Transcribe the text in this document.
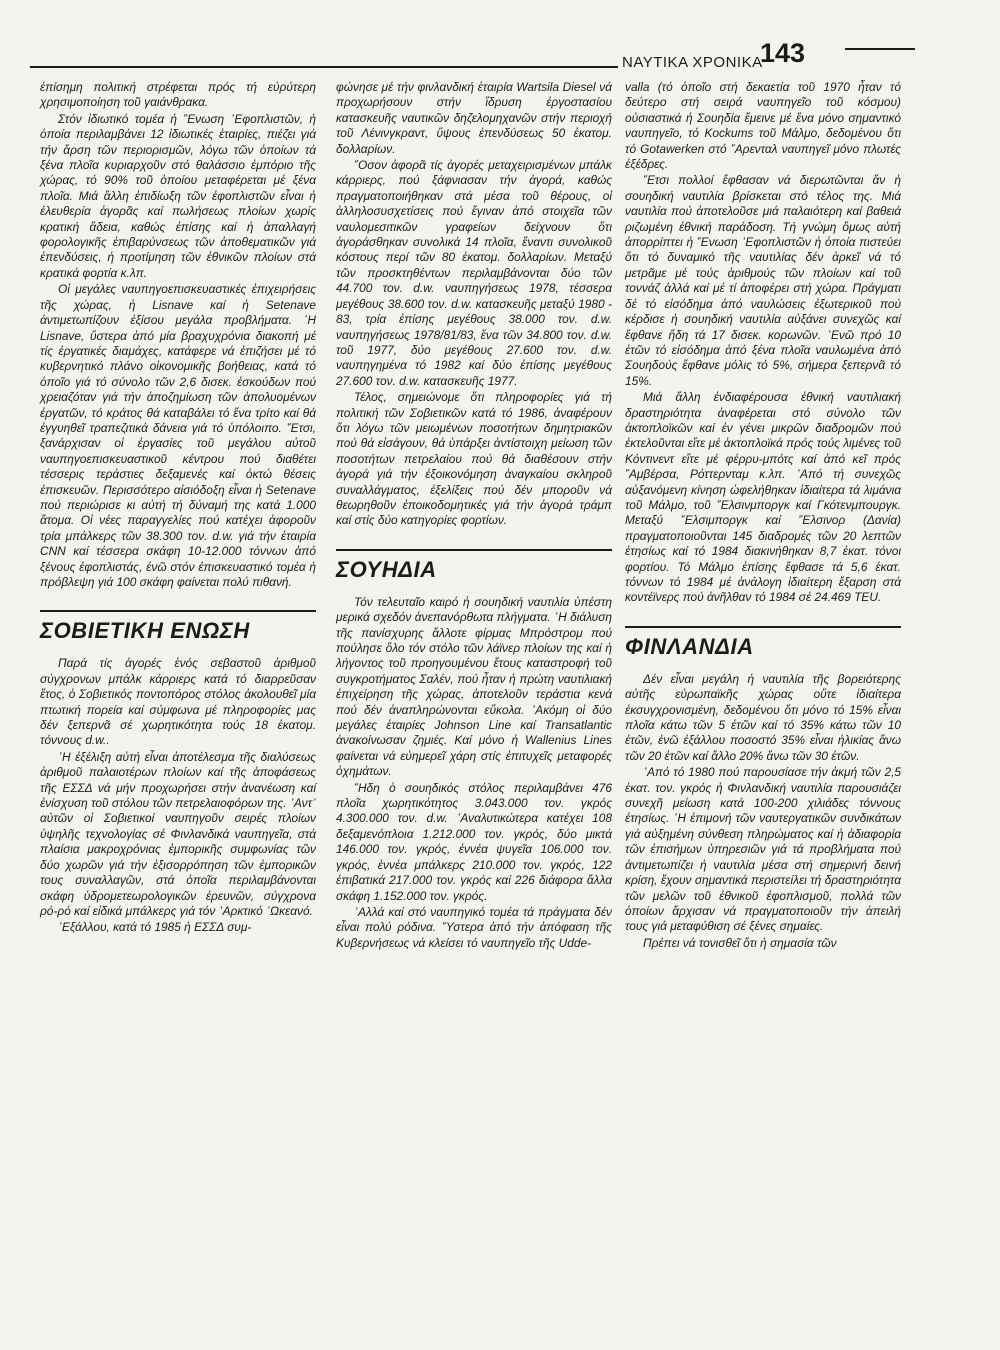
ΝΑΥΤΙΚΑ ΧΡΟΝΙΚΑ
143

ἐπίσημη πολιτική στρέφεται πρός τή εὐρύτερη χρησιμοποίηση τοῦ γαιάνθρακα.

Στόν ἰδιωτικό τομέα ἡ ῞Ενωση ᾿Εφοπλιστῶν, ἡ ὁποία περιλαμβάνει 12 ἰδιωτικές ἑταιρίες, πιέζει γιά τήν ἄρση τῶν περιορισμῶν, λόγω τῶν ὁποίων τά ξένα πλοῖα κυριαρχοῦν στό θαλάσσιο ἐμπόριο τῆς χώρας, τό 90% τοῦ ὁποίου μεταφέρεται μέ ξένα πλοῖα. Μιά ἄλλη ἐπιδίωξη τῶν ἐφοπλιστῶν εἶναι ἡ ἐλευθερία ἀγορᾶς καί πωλήσεως πλοίων χωρίς κρατική ἄδεια, καθώς ἐπίσης καί ἡ ἀπαλλαγή φορολογικῆς ἐπιβαρύνσεως τῶν ἀποθεματικῶν γιά ἐπενδύσεις, ἡ προτίμηση τῶν ἐθνικῶν πλοίων στά κρατικά φορτία κ.λπ.

Οἱ μεγάλες ναυπηγοεπισκευαστικές ἐπιχειρήσεις τῆς χώρας, ἡ Lisnave καί ἡ Setenave ἀντιμετωπίζουν ἐξίσου μεγάλα προβλήματα. ῾Η Lisnave, ὕστερα ἀπό μία βραχυχρόνια διακοπή μέ τίς ἐργατικές διαμάχες, κατάφερε νά ἐπιζήσει μέ τό κυβερνητικό πλάνο οἰκονομικῆς βοήθειας, κατά τό ὁποῖο γιά τό σύνολο τῶν 2,6 δισεκ. ἐσκούδων πού χρειαζόταν γιά τήν ἀποζημίωση τῶν ἀπολυομένων ἐργατῶν, τό κράτος θά καταβάλει τό ἕνα τρίτο καί θά ἐγγυηθεῖ τραπεζιτικά δάνεια γιά τό ὑπόλοιπο. ῎Ετσι, ξανάρχισαν οἱ ἐργασίες τοῦ μεγάλου αὐτοῦ ναυπηγοεπισκευαστικοῦ κέντρου πού διαθέτει τέσσερις τεράστιες δεξαμενές καί ὀκτώ θέσεις ἐπισκευῶν. Περισσότερο αἰσιόδοξη εἶναι ἡ Setenave πού περιώρισε κι αὐτή τή δύναμή της κατά 1.000 ἄτομα. Οἱ νέες παραγγελίες πού κατέχει ἀφοροῦν τρία μπάλκερς τῶν 38.300 τον. d.w. γιά τήν ἑταιρία CNN καί τέσσερα σκάφη 10-12.000 τόννων ἀπό ξένους ἐφοπλιστάς, ἐνῶ στόν ἐπισκευαστικό τομέα ἡ πρόβλεψη γιά 100 σκάφη φαίνεται πολύ πιθανή.

ΣΟΒΙΕΤΙΚΗ ΕΝΩΣΗ

Παρά τίς ἀγορές ἑνός σεβαστοῦ ἀριθμοῦ σύγχρονων μπάλκ κάρριερς κατά τό διαρρεῦσαν ἔτος, ὁ Σοβιετικός ποντοπόρος στόλος ἀκολουθεῖ μία πτωτική πορεία καί σύμφωνα μέ πληροφορίες μας δέν ξεπερνᾶ σέ χωρητικότητα τούς 18 ἑκατομ. τόννους d.w..

῾Η ἐξέλιξη αὐτή εἶναι ἀποτέλεσμα τῆς διαλύσεως ἀριθμοῦ παλαιοτέρων πλοίων καί τῆς ἀποφάσεως τῆς ΕΣΣΔ νά μήν προχωρήσει στήν ἀνανέωση καί ἐνίσχυση τοῦ στόλου τῶν πετρελαιοφόρων της. ᾿Αντ᾿ αὐτῶν οἱ Σοβιετικοί ναυπηγοῦν σειρές πλοίων ὑψηλῆς τεχνολογίας σέ Φινλανδικά ναυπηγεῖα, στά πλαίσια μακροχρόνιας ἐμπορικῆς συμφωνίας τῶν δύο χωρῶν γιά τήν ἐξισορρόπηση τῶν ἐμπορικῶν τους συναλλαγῶν, στά ὁποῖα περιλαμβάνονται σκάφη ὑδρομετεωρολογικῶν ἐρευνῶν, σύγχρονα ρό-ρό καί εἰδικά μπάλκερς γιά τόν ᾿Αρκτικό ᾿Ωκεανό.

᾿Εξάλλου, κατά τό 1985 ἡ ΕΣΣΔ συμ-

φώνησε μέ τήν φινλανδική ἑταιρία Wartsila Diesel νά προχωρήσουν στήν ἵδρυση ἐργοστασίου κατασκευῆς ναυτικῶν δηζελομηχανῶν στήν περιοχή τοῦ Λένινγκραντ, ὕψους ἐπενδύσεως 50 ἑκατομ. δολλαρίων.

῞Οσον ἀφορᾶ τίς ἀγορές μεταχειρισμένων μπάλκ κάρριερς, πού ξάφνιασαν τήν ἀγορά, καθώς πραγματοποιήθηκαν στά μέσα τοῦ θέρους, οἱ ἀλληλοσυσχετίσεις πού ἔγιναν ἀπό στοιχεῖα τῶν ναυλομεσιτικῶν γραφείων δείχνουν ὅτι ἀγοράσθηκαν συνολικά 14 πλοῖα, ἔναντι συνολικοῦ κόστους περί τῶν 80 ἑκατομ. δολλαρίων. Μεταξύ τῶν προσκτηθέντων περιλαμβάνονται δύο τῶν 44.700 τον. d.w. ναυπηγήσεως 1978, τέσσερα μεγέθους 38.600 τον. d.w. κατασκευῆς μεταξύ 1980 - 83, τρία ἐπίσης μεγέθους 38.000 τον. d.w. ναυπηγήσεως 1978/81/83, ἕνα τῶν 34.800 τον. d.w. τοῦ 1977, δύο μεγέθους 27.600 τον. d.w. ναυπηγημένα τό 1982 καί δύο ἐπίσης μεγέθους 27.600 τον. d.w. κατασκευῆς 1977.

Τέλος, σημειώνομε ὅτι πληροφορίες γιά τή πολιτική τῶν Σοβιετικῶν κατά τό 1986, ἀναφέρουν ὅτι λόγω τῶν μειωμένων ποσοτήτων δημητριακῶν πού θά εἰσάγουν, θά ὑπάρξει ἀντίστοιχη μείωση τῶν ποσοτήτων πετρελαίου πού θά διαθέσουν στήν ἀγορά γιά τήν ἐξοικονόμηση ἀναγκαίου σκληροῦ συναλλάγματος, ἐξελίξεις πού δέν μποροῦν νά θεωρηθοῦν ἐποικοδομητικές γιά τήν ἀγορά τράμπ καί στίς δύο κατηγορίες φορτίων.

ΣΟΥΗΔΙΑ

Τόν τελευταῖο καιρό ἡ σουηδική ναυτιλία ὑπέστη μερικά σχεδόν ἀνεπανόρθωτα πλήγματα. ῾Η διάλυση τῆς πανίσχυρης ἄλλοτε φίρμας Μπρόστρομ πού πούλησε ὅλο τόν στόλο τῶν λάϊνερ πλοίων της καί ἡ λήγοντος τοῦ προηγουμένου ἔτους καταστροφή τοῦ συγκροτήματος Σαλέν, πού ἦταν ἡ πρώτη ναυτιλιακή ἐπιχείρηση τῆς χώρας, ἀποτελοῦν τεράστια κενά πού δέν ἀναπληρώνονται εὔκολα. ᾿Ακόμη οἱ δύο μεγάλες ἑταιρίες Johnson Line καί Transatlantic ἀνακοίνωσαν ζημιές. Καί μόνο ἡ Wallenius Lines φαίνεται νά εὐημερεῖ χάρη στίς ἐπιτυχεῖς μεταφορές ὀχημάτων.

῎Ηδη ὁ σουηδικός στόλος περιλαμβάνει 476 πλοῖα χωρητικότητος 3.043.000 τον. γκρός 4.300.000 τον. d.w. ᾿Αναλυτικώτερα κατέχει 108 δεξαμενόπλοια 1.212.000 τον. γκρός, δύο μικτά 146.000 τον. γκρός, ἐννέα ψυγεῖα 106.000 τον. γκρός, ἐννέα μπάλκερς 210.000 τον. γκρός, 122 ἐπιβατικά 217.000 τον. γκρός καί 226 διάφορα ἄλλα σκάφη 1.152.000 τον. γκρός.

᾿Αλλά καί στό ναυπηγικό τομέα τά πράγματα δέν εἶναι πολύ ρόδινα. ῞Υστερα ἀπό τήν ἀπόφαση τῆς Κυβερνήσεως νά κλείσει τό ναυπηγεῖο τῆς Udde-

valla (τό ὁποῖο στή δεκαετία τοῦ 1970 ἦταν τό δεύτερο στή σειρά ναυπηγεῖο τοῦ κόσμου) οὐσιαστικά ἡ Σουηδία ἔμεινε μέ ἕνα μόνο σημαντικό ναυπηγεῖο, τό Kockums τοῦ Μάλμο, δεδομένου ὅτι τό Gotawerken στό ῎Αρενταλ ναυπηγεῖ μόνο πλωτές ἐξέδρες.

῎Ετσι πολλοί ἔφθασαν νά διερωτῶνται ἄν ἡ σουηδική ναυτιλία βρίσκεται στό τέλος της. Μιά ναυτιλία πού ἀποτελοῦσε μιά παλαιότερη καί βαθειά ριζωμένη ἐθνική παράδοση. Τή γνώμη ὅμως αὐτή ἀπορρίπτει ἡ ῞Ενωση ᾿Εφοπλιστῶν ἡ ὁποία πιστεύει ὅτι τό δυναμικό τῆς ναυτιλίας δέν ἀρκεῖ νά τό μετρᾶμε μέ τούς ἀριθμούς τῶν πλοίων καί τοῦ τοννάζ ἀλλά καί μέ τί ἀποφέρει στή χώρα. Πράγματι δέ τό εἰσόδημα ἀπό ναυλώσεις ἐξωτερικοῦ πού κέρδισε ἡ σουηδική ναυτιλία αὐξάνει συνεχῶς καί ἔφθανε ἤδη τά 17 δισεκ. κορωνῶν. ᾿Ενῶ πρό 10 ἐτῶν τό εἰσόδημα ἀπό ξένα πλοῖα ναυλωμένα ἀπό Σουηδούς ἔφθανε μόλις τό 5%, σήμερα ξεπερνᾶ τό 15%.

Μιά ἄλλη ἐνδιαφέρουσα ἐθνική ναυτιλιακή δραστηριότητα ἀναφέρεται στό σύνολο τῶν ἀκτοπλοϊκῶν καί ἐν γένει μικρῶν διαδρομῶν πού ἐκτελοῦνται εἴτε μέ ἀκτοπλοϊκά πρός τούς λιμένες τοῦ Κόντινεντ εἴτε μέ φέρρυ-μπότς καί ἀπό κεῖ πρός ῎Αμβέρσα, Ρόττερνταμ κ.λπ. ᾿Από τή συνεχῶς αὐξανόμενη κίνηση ὠφελήθηκαν ἰδιαίτερα τά λιμάνια τοῦ Μάλμο, τοῦ ῞Ελσινμποργκ καί Γκότενμπουργκ. Μεταξύ ῞Ελσιμποργκ καί ῞Ελσινορ (Δανία) πραγματοποιοῦνται 145 διαδρομές τῶν 20 λεπτῶν ἐτησίως καί τό 1984 διακινήθηκαν 8,7 ἑκατ. τόνοι φορτίου. Τό Μάλμο ἐπίσης ἔφθασε τά 5,6 ἑκατ. τόννων τό 1984 μέ ἀνάλογη ἰδιαίτερη ἔξαρση στά κοντέϊνερς πού ἀνῆλθαν τό 1984 σέ 24.469 TEU.

ΦΙΝΛΑΝΔΙΑ

Δέν εἶναι μεγάλη ἡ ναυτιλία τῆς βορειότερης αὐτῆς εὐρωπαϊκῆς χώρας οὔτε ἰδιαίτερα ἐκσυγχρονισμένη, δεδομένου ὅτι μόνο τό 15% εἶναι πλοῖα κάτω τῶν 5 ἐτῶν καί τό 35% κάτω τῶν 10 ἐτῶν, ἐνῶ ἐξάλλου ποσοστό 35% εἶναι ἡλικίας ἄνω τῶν 20 ἐτῶν καί ἄλλο 20% ἄνω τῶν 30 ἐτῶν.

᾿Από τό 1980 πού παρουσίασε τήν ἀκμή τῶν 2,5 ἑκατ. τον. γκρός ἡ Φινλανδική ναυτιλία παρουσιάζει συνεχῆ μείωση κατά 100-200 χιλιάδες τόννους ἐτησίως. ῾Η ἐπιμονή τῶν ναυτεργατικῶν συνδικάτων γιά αὐξημένη σύνθεση πληρώματος καί ἡ ἀδιαφορία τῶν ἐπισήμων ὑπηρεσιῶν γιά τά προβλήματα πού ἀντιμετωπίζει ἡ ναυτιλία μέσα στή σημερινή δεινή κρίση, ἔχουν σημαντικά περιστείλει τή δραστηριότητα τῶν μελῶν τοῦ ἐθνικοῦ ἐφοπλισμοῦ, πολλά τῶν ὁποίων ἄρχισαν νά πραγματοποιοῦν τήν ἀπειλή τους γιά μεταφύθιση σέ ξένες σημαίες.

Πρέπει νά τονισθεῖ ὅτι ἡ σημασία τῶν
